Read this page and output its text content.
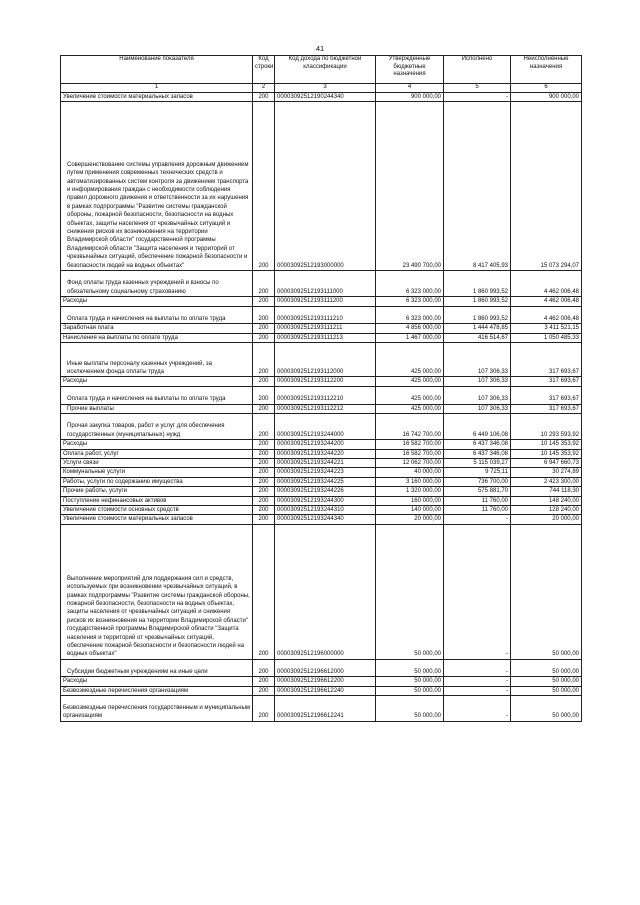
41
Наименование показателя	Код строки	Код дохода по бюджетной классификации	Утвержденные бюджетные назначения	Исполнено	Неисполненные назначения
1	2	3	4	5	6
Увеличение стоимости материальных запасов	200	00003092512190244340	900 000,00	-	900 000,00
Совершенствование системы управления дорожным движением путем применения современных технических средств и автоматизированных систем контроля за движением транспорта и информирования граждан с необходимости соблюдения правил дорожного движения и ответственности за их нарушения в рамках подпрограммы "Развитие системы гражданской обороны, пожарной безопасности, безопасности на водных объектах, защиты населения от чрезвычайных ситуаций и снижения рисков их возникновения на территории Владимирской области" государственной программы Владимирской области "Защита населения и территорий от чрезвычайных ситуаций, обеспечение пожарной безопасности и безопасности людей на водных объектах"	200	00003092512193000000	23 490 700,00	8 417 405,93	15 073 294,07
Фонд оплаты труда казенных учреждений и взносы по обязательному социальному страхованию	200	00003092512193111000	6 323 000,00	1 860 993,52	4 462 006,48
Расходы	200	00003092512193111200	6 323 000,00	1 860 993,52	4 462 006,48
Оплата труда и начисления на выплаты по оплате труда	200	00003092512193111210	6 323 000,00	1 860 993,52	4 462 006,48
Заработная плата	200	00003092512193111211	4 856 000,00	1 444 478,85	3 411 521,15
Начисления на выплаты по оплате труда	200	00003092512193111213	1 467 000,00	416 514,67	1 050 485,33
Иные выплаты персоналу казенных учреждений, за исключением фонда оплаты труда	200	00003092512193112000	425 000,00	107 306,33	317 693,67
Расходы	200	00003092512193112200	425 000,00	107 306,33	317 693,67
Оплата труда и начисления на выплаты по оплате труда	200	00003092512193112210	425 000,00	107 306,33	317 693,67
Прочие выплаты	200	00003092512193112212	425 000,00	107 306,33	317 693,67
Прочая закупка товаров, работ и услуг для обеспечения государственных (муниципальных) нужд	200	00003092512193244000	16 742 700,00	6 449 106,08	10 293 593,92
Расходы	200	00003092512193244200	16 582 700,00	6 437 346,08	10 145 353,92
Оплата работ, услуг	200	00003092512193244220	16 582 700,00	6 437 346,08	10 145 353,92
Услуги связи	200	00003092512193244221	12 062 700,00	5 115 039,27	6 947 660,73
Коммунальные услуги	200	00003092512193244223	40 000,00	9 725,11	30 274,89
Работы, услуги по содержанию имущества	200	00003092512193244225	3 160 000,00	736 700,00	2 423 300,00
Прочие работы, услуги	200	00003092512193244226	1 320 000,00	575 881,70	744 118,30
Поступление нефинансовых активов	200	00003092512193244300	160 000,00	11 760,00	148 240,00
Увеличение стоимости основных средств	200	00003092512193244310	140 000,00	11 760,00	128 240,00
Увеличение стоимости материальных запасов	200	00003092512193244340	20 000,00	-	20 000,00
Выполнение мероприятий для поддержания сил и средств, используемых при возникновении чрезвычайных ситуаций, в рамках подпрограммы "Развитие системы гражданской обороны, пожарной безопасности, безопасности на водных объектах, защиты населения от чрезвычайных ситуаций и снижения рисков их возникновения на территории Владимирской области" государственной программы Владимирской области "Защита населения и территорий от чрезвычайных ситуаций, обеспечение пожарной безопасности и безопасности людей на водных объектах"	200	00003092512196000000	50 000,00	-	50 000,00
Субсидии бюджетным учреждениям на иные цели	200	00003092512196612000	50 000,00	-	50 000,00
Расходы	200	00003092512196612200	50 000,00	-	50 000,00
Безвозмездные перечисления организациям	200	00003092512196612240	50 000,00	-	50 000,00
Безвозмездные перечисления государственным и муниципальным организациям	200	00003092512196612241	50 000,00	-	50 000,00
